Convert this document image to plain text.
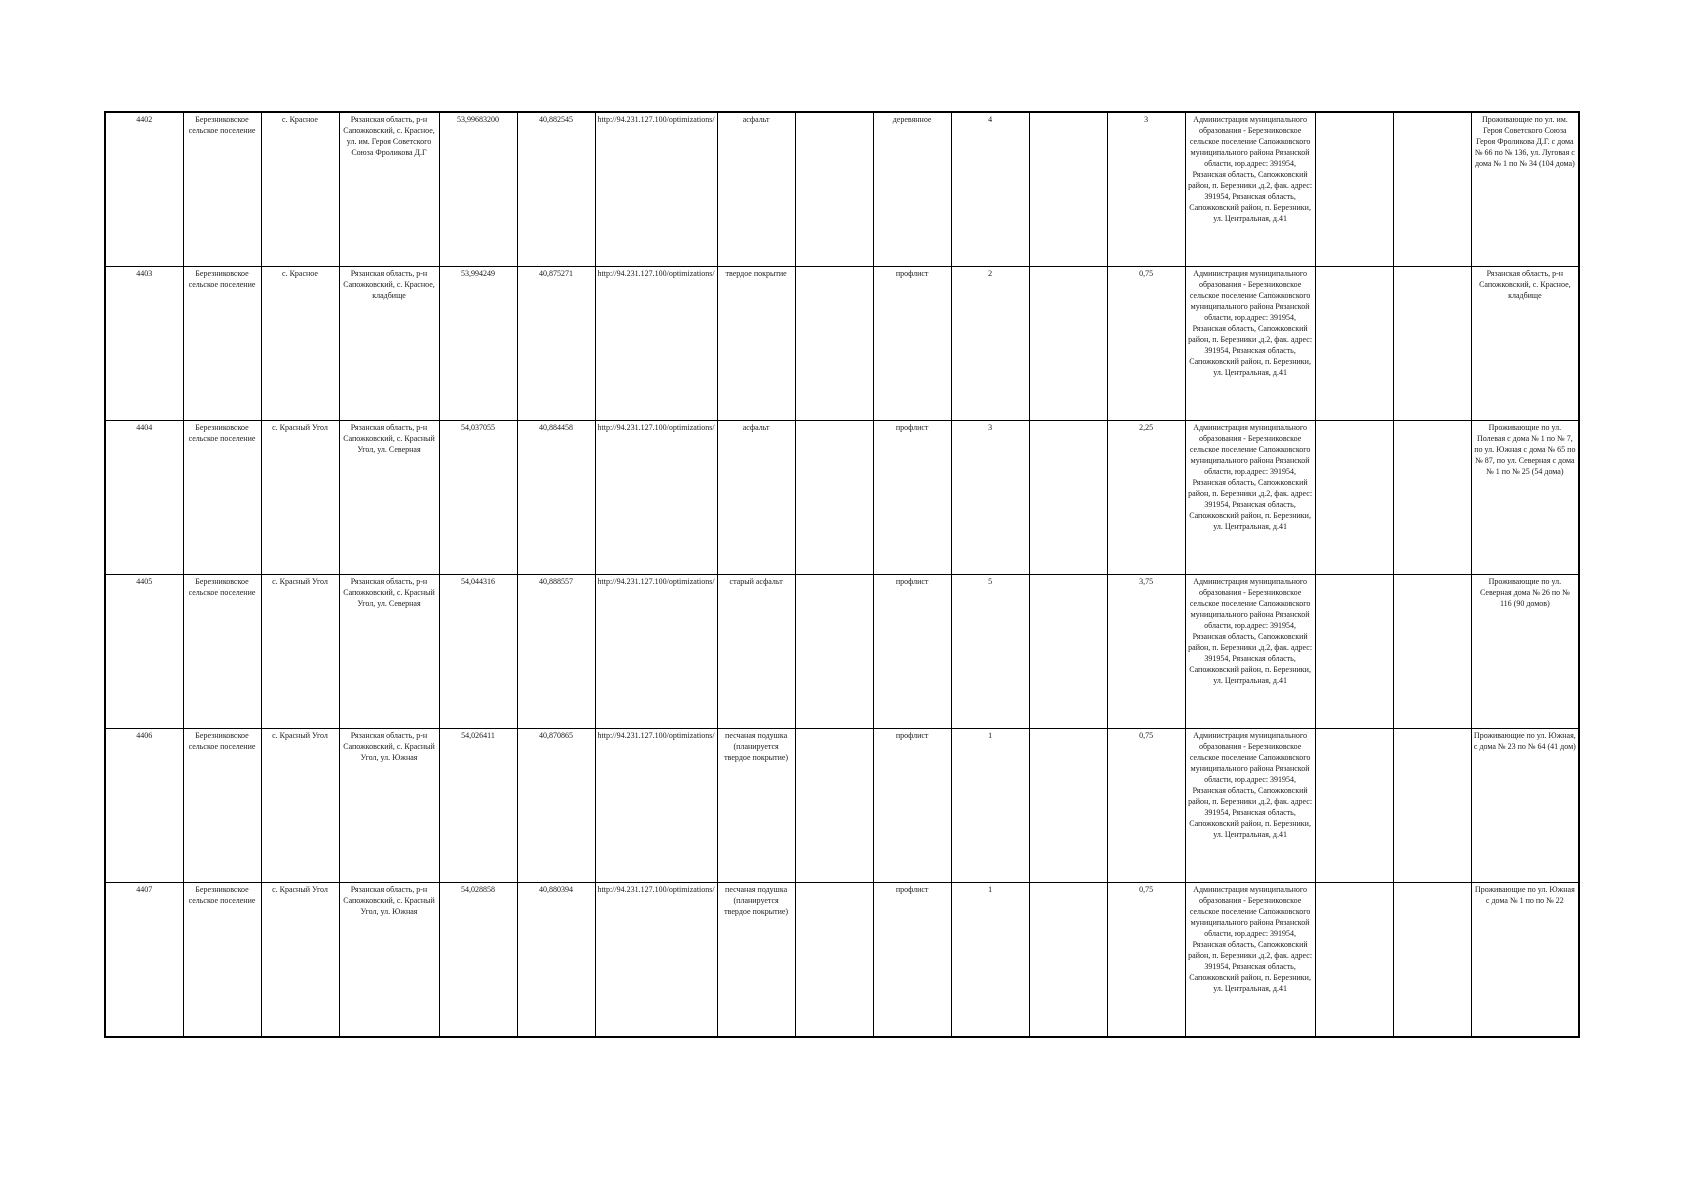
4402	Березниковское сельское поселение	с. Красное	Рязанская область, р-н Сапожковский, с. Красное, ул. им. Героя Советского Союза Фроликова Д.Г	53,99683200	40,882545	http://94.231.127.100/optimizations/	асфальт		деревянное	4		3	Администрация муниципального образования - Березниковское сельское поселение Сапожковского муниципального района Рязанской области, юр.адрес: 391954, Рязанская область, Сапожковский район, п. Березники ,д.2, фак. адрес: 391954, Рязанская область, Сапожковский район, п. Березники, ул. Центральная, д.41			Проживающие по ул. им. Героя Советского Союза Героя Фроликова Д.Г. с дома № 66 по № 136, ул. Луговая с дома № 1 по № 34 (104 дома)
4403	Березниковское сельское поселение	с. Красное	Рязанская область, р-н Сапожковский, с. Красное, кладбище	53,994249	40,875271	http://94.231.127.100/optimizations/	твердое покрытие		профлист	2		0,75	Администрация муниципального образования - Березниковское сельское поселение Сапожковского муниципального района Рязанской области, юр.адрес: 391954, Рязанская область, Сапожковский район, п. Березники ,д.2, фак. адрес: 391954, Рязанская область, Сапожковский район, п. Березники, ул. Центральная, д.41			Рязанская область, р-н Сапожковский, с. Красное, кладбище
4404	Березниковское сельское поселение	с. Красный Угол	Рязанская область, р-н Сапожковский, с. Красный Угол, ул. Северная	54,037055	40,884458	http://94.231.127.100/optimizations/	асфальт		профлист	3		2,25	Администрация муниципального образования - Березниковское сельское поселение Сапожковского муниципального района Рязанской области, юр.адрес: 391954, Рязанская область, Сапожковский район, п. Березники ,д.2, фак. адрес: 391954, Рязанская область, Сапожковский район, п. Березники, ул. Центральная, д.41			Проживающие по ул. Полевая с дома № 1 по № 7, по ул. Южная с дома № 65 по № 87, по ул. Северная с дома № 1 по № 25 (54 дома)
4405	Березниковское сельское поселение	с. Красный Угол	Рязанская область, р-н Сапожковский, с. Красный Угол, ул. Северная	54,044316	40,888557	http://94.231.127.100/optimizations/	старый асфальт		профлист	5		3,75	Администрация муниципального образования - Березниковское сельское поселение Сапожковского муниципального района Рязанской области, юр.адрес: 391954, Рязанская область, Сапожковский район, п. Березники ,д.2, фак. адрес: 391954, Рязанская область, Сапожковский район, п. Березники, ул. Центральная, д.41			Проживающие по ул. Северная дома № 26 по № 116 (90 домов)
4406	Березниковское сельское поселение	с. Красный Угол	Рязанская область, р-н Сапожковский, с. Красный Угол, ул. Южная	54,026411	40,870865	http://94.231.127.100/optimizations/	песчаная подушка (планируется твердое покрытие)		профлист	1		0,75	Администрация муниципального образования - Березниковское сельское поселение Сапожковского муниципального района Рязанской области, юр.адрес: 391954, Рязанская область, Сапожковский район, п. Березники ,д.2, фак. адрес: 391954, Рязанская область, Сапожковский район, п. Березники, ул. Центральная, д.41			Проживающие по ул. Южная, с дома № 23 по № 64 (41 дом)
4407	Березниковское сельское поселение	с. Красный Угол	Рязанская область, р-н Сапожковский, с. Красный Угол, ул. Южная	54,028858	40,880394	http://94.231.127.100/optimizations/	песчаная подушка (планируется твердое покрытие)		профлист	1		0,75	Администрация муниципального образования - Березниковское сельское поселение Сапожковского муниципального района Рязанской области, юр.адрес: 391954, Рязанская область, Сапожковский район, п. Березники ,д.2, фак. адрес: 391954, Рязанская область, Сапожковский район, п. Березники, ул. Центральная, д.41			Проживающие по ул. Южная с дома № 1 по по № 22
